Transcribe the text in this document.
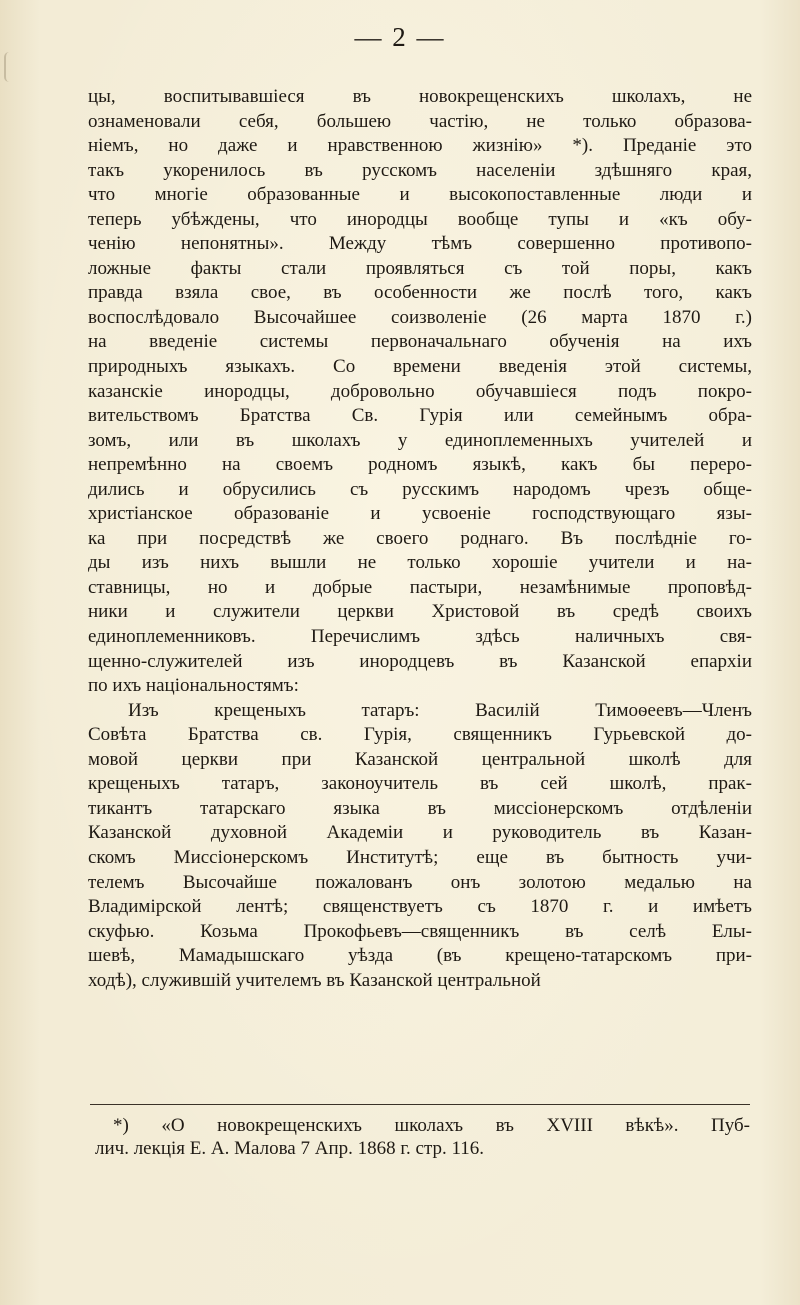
— 2 —
цы, воспитывавшіеся въ новокрещенскихъ школахъ, не
ознаменовали себя, большею частію, не только образова-
ніемъ, но даже и нравственною жизнію» *). Преданіе это
такъ укоренилось въ русскомъ населеніи здѣшняго края,
что многіе образованные и высокопоставленные люди и
теперь убѣждены, что инородцы вообще тупы и «къ обу-
ченію непонятны». Между тѣмъ совершенно противопо-
ложные факты стали проявляться съ той поры, какъ
правда взяла свое, въ особенности же послѣ того, какъ
воспослѣдовало Высочайшее соизволеніе (26 марта 1870 г.)
на введеніе системы первоначальнаго обученія на ихъ
природныхъ языкахъ. Со времени введенія этой системы,
казанскіе инородцы, добровольно обучавшіеся подъ покро-
вительствомъ Братства Св. Гурія или семейнымъ обра-
зомъ, или въ школахъ у единоплеменныхъ учителей и
непремѣнно на своемъ родномъ языкѣ, какъ бы переро-
дились и обрусились съ русскимъ народомъ чрезъ обще-
христіанское образованіе и усвоеніе господствующаго язы-
ка при посредствѣ же своего роднаго. Въ послѣдніе го-
ды изъ нихъ вышли не только хорошіе учители и на-
ставницы, но и добрые пастыри, незамѣнимые проповѣд-
ники и служители церкви Христовой въ средѣ своихъ
единоплеменниковъ. Перечислимъ здѣсь наличныхъ свя-
щенно-служителей изъ инородцевъ въ Казанской епархіи
по ихъ національностямъ:
Изъ крещеныхъ татаръ: Василій Тимоѳеевъ—Членъ
Совѣта Братства св. Гурія, священникъ Гурьевской до-
мовой церкви при Казанской центральной школѣ для
крещеныхъ татаръ, законоучитель въ сей школѣ, прак-
тикантъ татарскаго языка въ миссіонерскомъ отдѣленіи
Казанской духовной Академіи и руководитель въ Казан-
скомъ Миссіонерскомъ Институтѣ; еще въ бытность учи-
телемъ Высочайше пожалованъ онъ золотою медалью на
Владимірской лентѣ; священствуетъ съ 1870 г. и имѣетъ
скуфью. Козьма Прокофьевъ—священникъ въ селѣ Елы-
шевѣ, Мамадышскаго уѣзда (въ крещено-татарскомъ при-
ходѣ), служившій учителемъ въ Казанской центральной
*) «О новокрещенскихъ школахъ въ XVIII вѣкѣ». Пуб-
лич. лекція Е. А. Малова 7 Апр. 1868 г. стр. 116.
